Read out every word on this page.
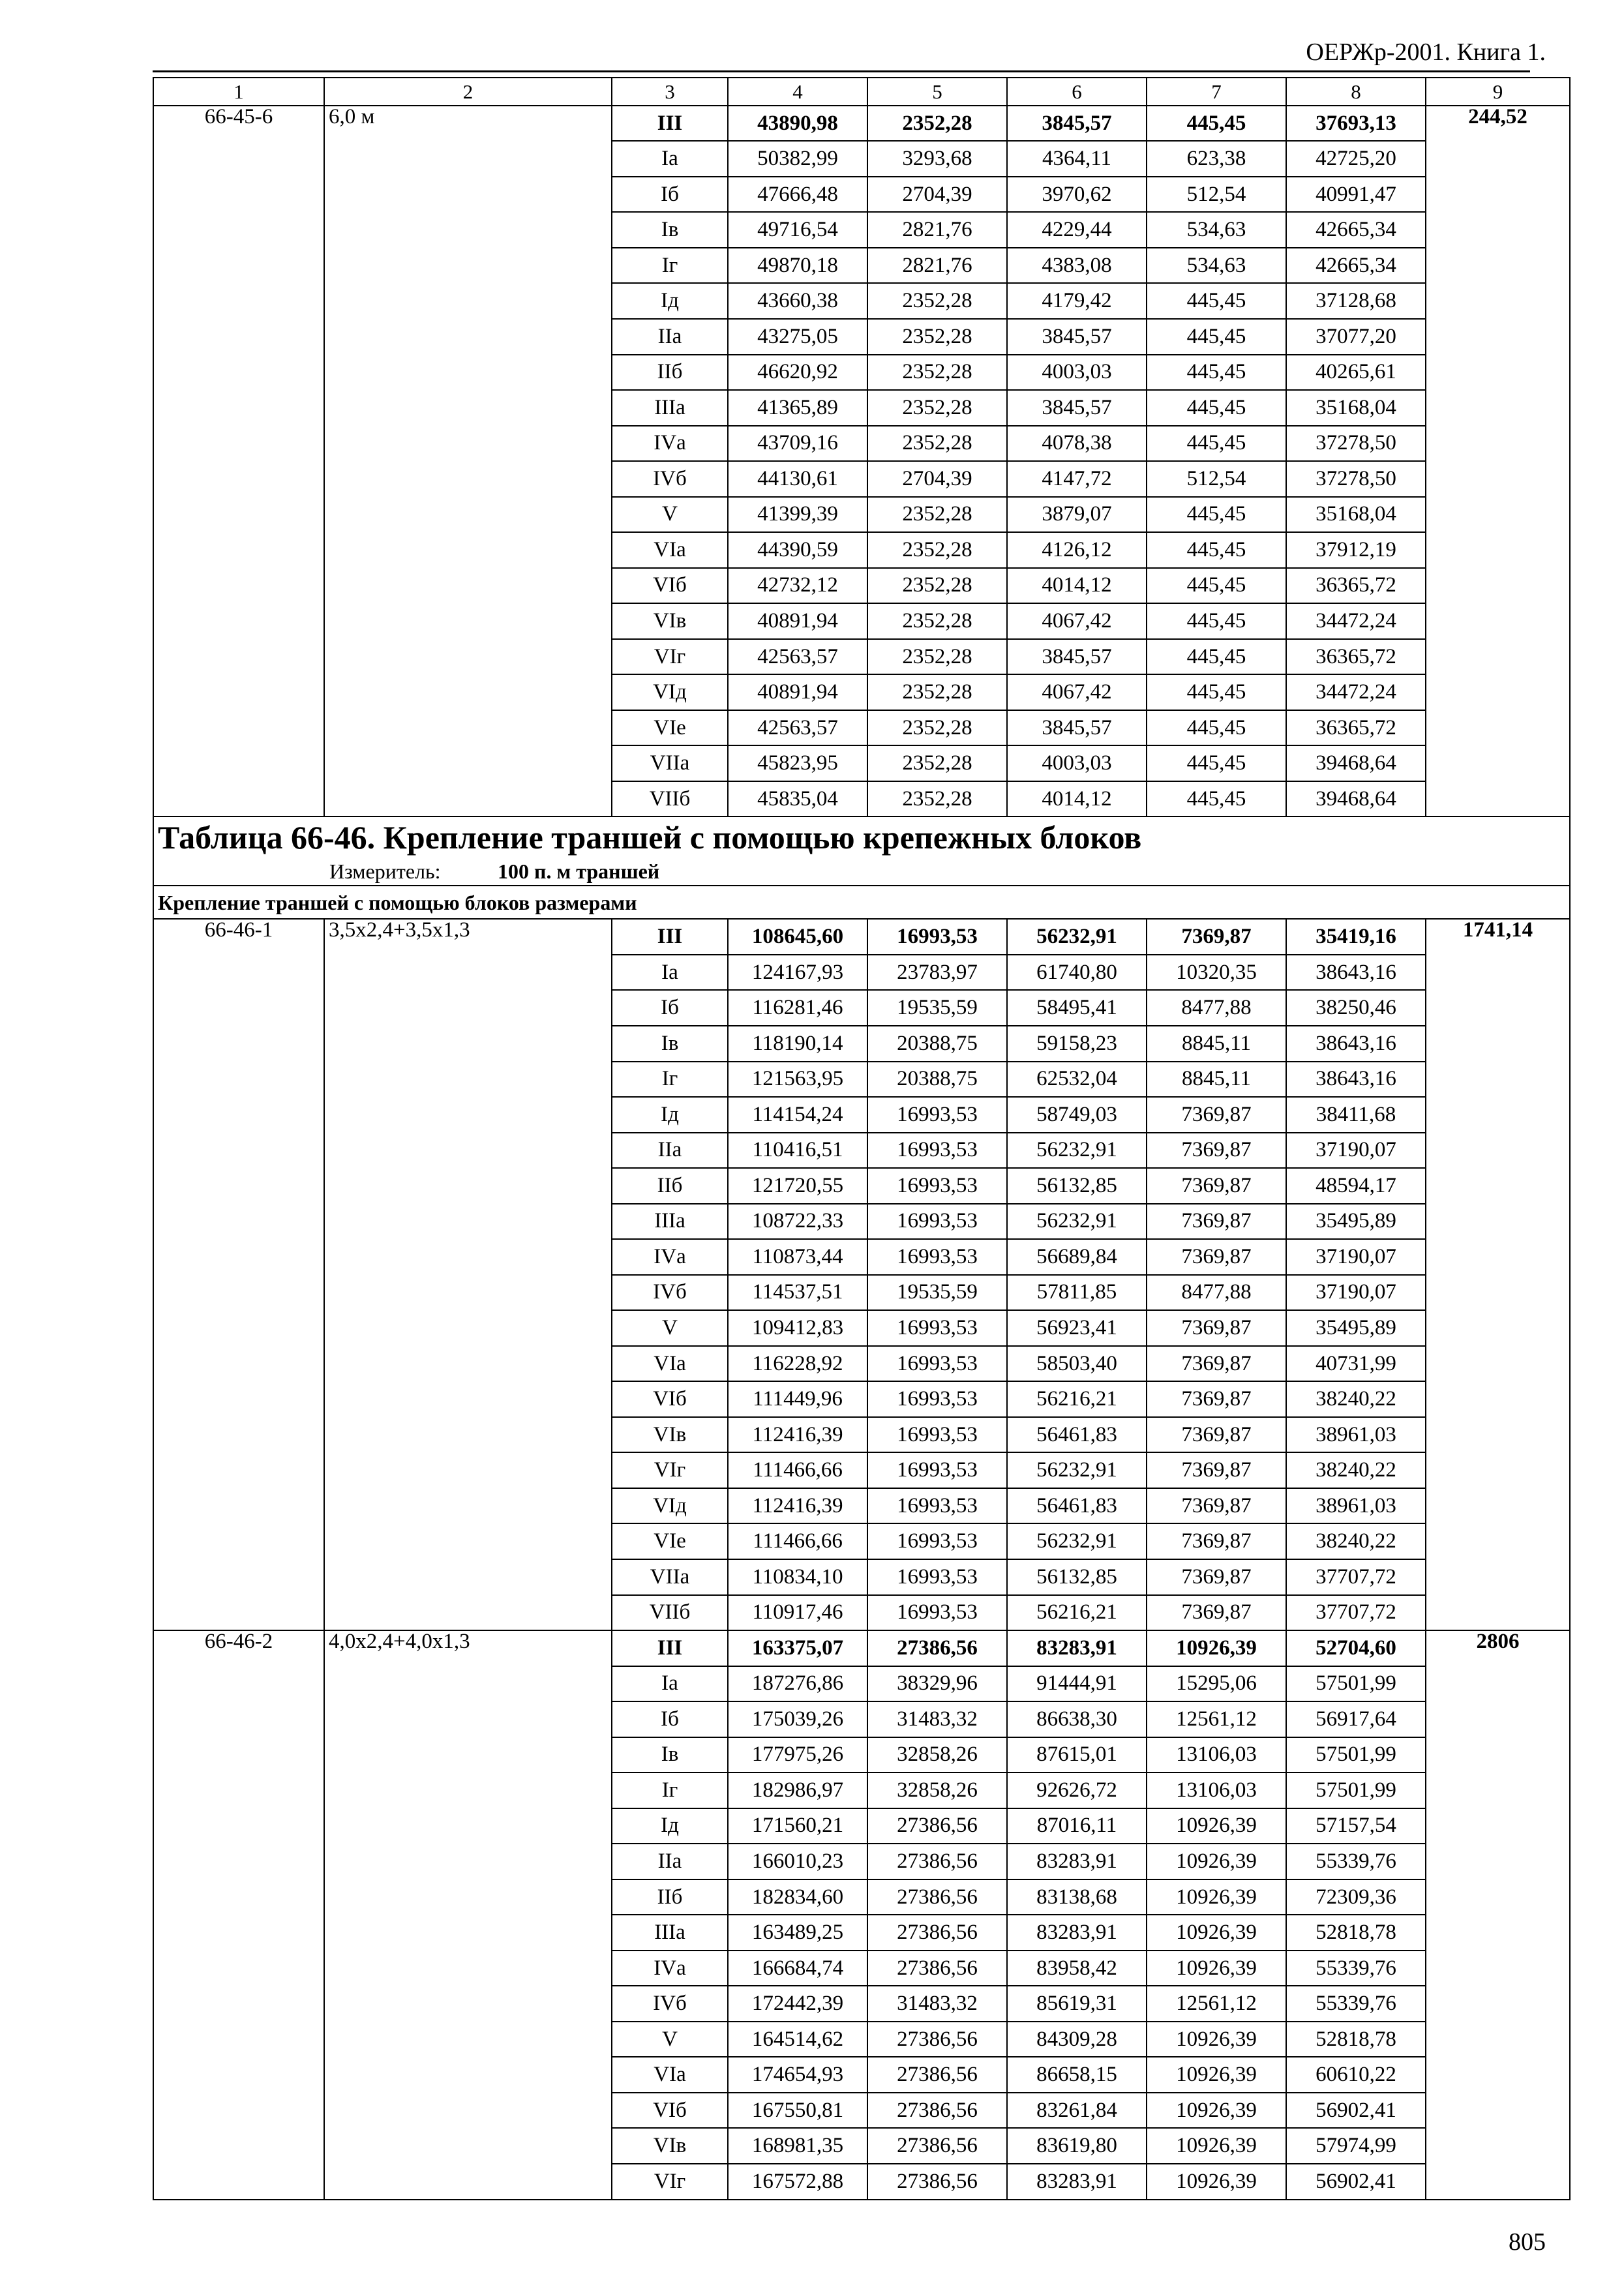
ОЕРЖр-2001. Книга 1.
1	2	3	4	5	6	7	8	9
66-45-6	6,0 м	III	43890,98	2352,28	3845,57	445,45	37693,13	244,52
		Iа	50382,99	3293,68	4364,11	623,38	42725,20	
		Iб	47666,48	2704,39	3970,62	512,54	40991,47	
		Iв	49716,54	2821,76	4229,44	534,63	42665,34	
		Iг	49870,18	2821,76	4383,08	534,63	42665,34	
		Iд	43660,38	2352,28	4179,42	445,45	37128,68	
		IIа	43275,05	2352,28	3845,57	445,45	37077,20	
		IIб	46620,92	2352,28	4003,03	445,45	40265,61	
		IIIа	41365,89	2352,28	3845,57	445,45	35168,04	
		IVа	43709,16	2352,28	4078,38	445,45	37278,50	
		IVб	44130,61	2704,39	4147,72	512,54	37278,50	
		V	41399,39	2352,28	3879,07	445,45	35168,04	
		VIа	44390,59	2352,28	4126,12	445,45	37912,19	
		VIб	42732,12	2352,28	4014,12	445,45	36365,72	
		VIв	40891,94	2352,28	4067,42	445,45	34472,24	
		VIг	42563,57	2352,28	3845,57	445,45	36365,72	
		VIд	40891,94	2352,28	4067,42	445,45	34472,24	
		VIе	42563,57	2352,28	3845,57	445,45	36365,72	
		VIIа	45823,95	2352,28	4003,03	445,45	39468,64	
		VIIб	45835,04	2352,28	4014,12	445,45	39468,64	
Таблица 66-46. Крепление траншей с помощью крепежных блоков								
Измеритель: 100 п. м траншей								
Крепление траншей с помощью блоков размерами								
66-46-1	3,5х2,4+3,5х1,3	III	108645,60	16993,53	56232,91	7369,87	35419,16	1741,14
		Iа	124167,93	23783,97	61740,80	10320,35	38643,16	
		Iб	116281,46	19535,59	58495,41	8477,88	38250,46	
		Iв	118190,14	20388,75	59158,23	8845,11	38643,16	
		Iг	121563,95	20388,75	62532,04	8845,11	38643,16	
		Iд	114154,24	16993,53	58749,03	7369,87	38411,68	
		IIа	110416,51	16993,53	56232,91	7369,87	37190,07	
		IIб	121720,55	16993,53	56132,85	7369,87	48594,17	
		IIIа	108722,33	16993,53	56232,91	7369,87	35495,89	
		IVа	110873,44	16993,53	56689,84	7369,87	37190,07	
		IVб	114537,51	19535,59	57811,85	8477,88	37190,07	
		V	109412,83	16993,53	56923,41	7369,87	35495,89	
		VIа	116228,92	16993,53	58503,40	7369,87	40731,99	
		VIб	111449,96	16993,53	56216,21	7369,87	38240,22	
		VIв	112416,39	16993,53	56461,83	7369,87	38961,03	
		VIг	111466,66	16993,53	56232,91	7369,87	38240,22	
		VIд	112416,39	16993,53	56461,83	7369,87	38961,03	
		VIе	111466,66	16993,53	56232,91	7369,87	38240,22	
		VIIа	110834,10	16993,53	56132,85	7369,87	37707,72	
		VIIб	110917,46	16993,53	56216,21	7369,87	37707,72	
66-46-2	4,0х2,4+4,0х1,3	III	163375,07	27386,56	83283,91	10926,39	52704,60	2806
		Iа	187276,86	38329,96	91444,91	15295,06	57501,99	
		Iб	175039,26	31483,32	86638,30	12561,12	56917,64	
		Iв	177975,26	32858,26	87615,01	13106,03	57501,99	
		Iг	182986,97	32858,26	92626,72	13106,03	57501,99	
		Iд	171560,21	27386,56	87016,11	10926,39	57157,54	
		IIа	166010,23	27386,56	83283,91	10926,39	55339,76	
		IIб	182834,60	27386,56	83138,68	10926,39	72309,36	
		IIIа	163489,25	27386,56	83283,91	10926,39	52818,78	
		IVа	166684,74	27386,56	83958,42	10926,39	55339,76	
		IVб	172442,39	31483,32	85619,31	12561,12	55339,76	
		V	164514,62	27386,56	84309,28	10926,39	52818,78	
		VIа	174654,93	27386,56	86658,15	10926,39	60610,22	
		VIб	167550,81	27386,56	83261,84	10926,39	56902,41	
		VIв	168981,35	27386,56	83619,80	10926,39	57974,99	
		VIг	167572,88	27386,56	83283,91	10926,39	56902,41	
805
